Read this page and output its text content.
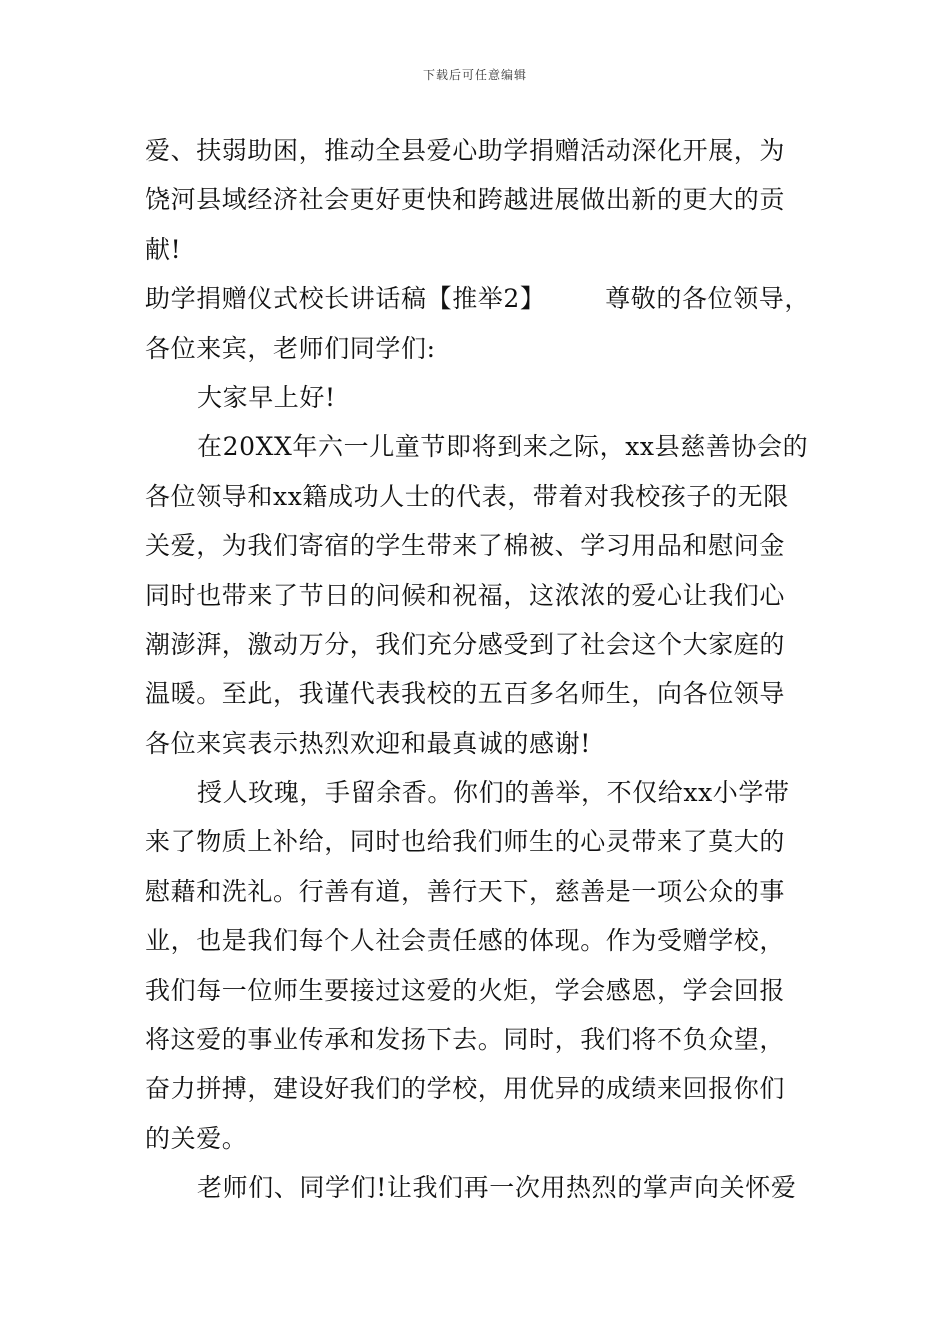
下载后可任意编辑
爱、扶弱助困，推动全县爱心助学捐赠活动深化开展，为
饶河县域经济社会更好更快和跨越进展做出新的更大的贡
献!
助学捐赠仪式校长讲话稿【推举2】 尊敬的各位领导，
各位来宾，老师们同学们:
大家早上好!
在20XX年六一儿童节即将到来之际，xx县慈善协会的
各位领导和xx籍成功人士的代表，带着对我校孩子的无限
关爱，为我们寄宿的学生带来了棉被、学习用品和慰问金
同时也带来了节日的问候和祝福，这浓浓的爱心让我们心
潮澎湃，激动万分，我们充分感受到了社会这个大家庭的
温暖。至此，我谨代表我校的五百多名师生，向各位领导
各位来宾表示热烈欢迎和最真诚的感谢!
授人玫瑰，手留余香。你们的善举，不仅给xx小学带
来了物质上补给，同时也给我们师生的心灵带来了莫大的
慰藉和洗礼。行善有道，善行天下，慈善是一项公众的事
业，也是我们每个人社会责任感的体现。作为受赠学校，
我们每一位师生要接过这爱的火炬，学会感恩，学会回报
将这爱的事业传承和发扬下去。同时，我们将不负众望，
奋力拼搏，建设好我们的学校，用优异的成绩来回报你们
的关爱。
老师们、同学们!让我们再一次用热烈的掌声向关怀爱
